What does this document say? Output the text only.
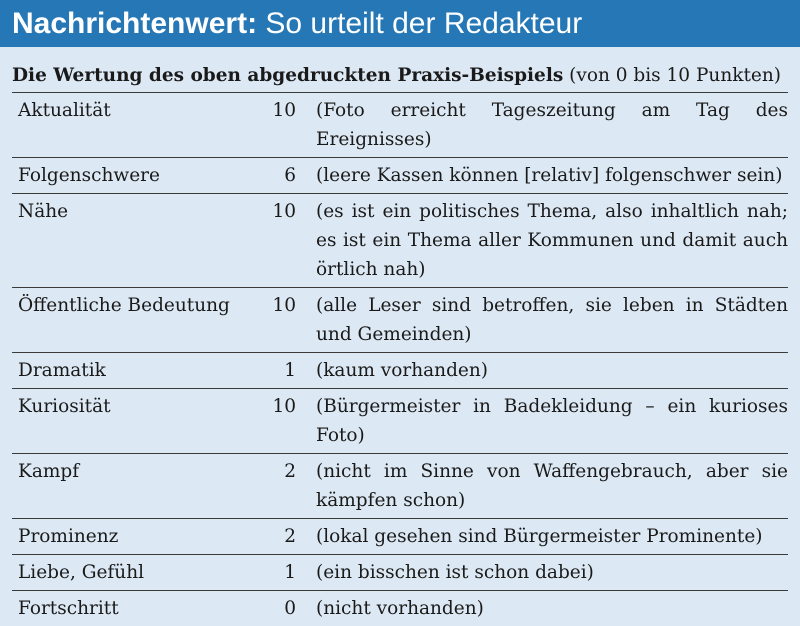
Nachrichtenwert: So urteilt der Redakteur
Die Wertung des oben abgedruckten Praxis-Beispiels (von 0 bis 10 Punkten)
Aktualität	10	(Foto erreicht Tageszeitung am Tag des Ereignisses)
Folgenschwere	6	(leere Kassen können [relativ] folgenschwer sein)
Nähe	10	(es ist ein politisches Thema, also inhaltlich nah; es ist ein Thema aller Kommunen und damit auch örtlich nah)
Öffentliche Bedeutung	10	(alle Leser sind betroffen, sie leben in Städten und Gemeinden)
Dramatik	1	(kaum vorhanden)
Kuriosität	10	(Bürgermeister in Badekleidung – ein kurioses Foto)
Kampf	2	(nicht im Sinne von Waffengebrauch, aber sie kämpfen schon)
Prominenz	2	(lokal gesehen sind Bürgermeister Prominente)
Liebe, Gefühl	1	(ein bisschen ist schon dabei)
Fortschritt	0	(nicht vorhanden)
